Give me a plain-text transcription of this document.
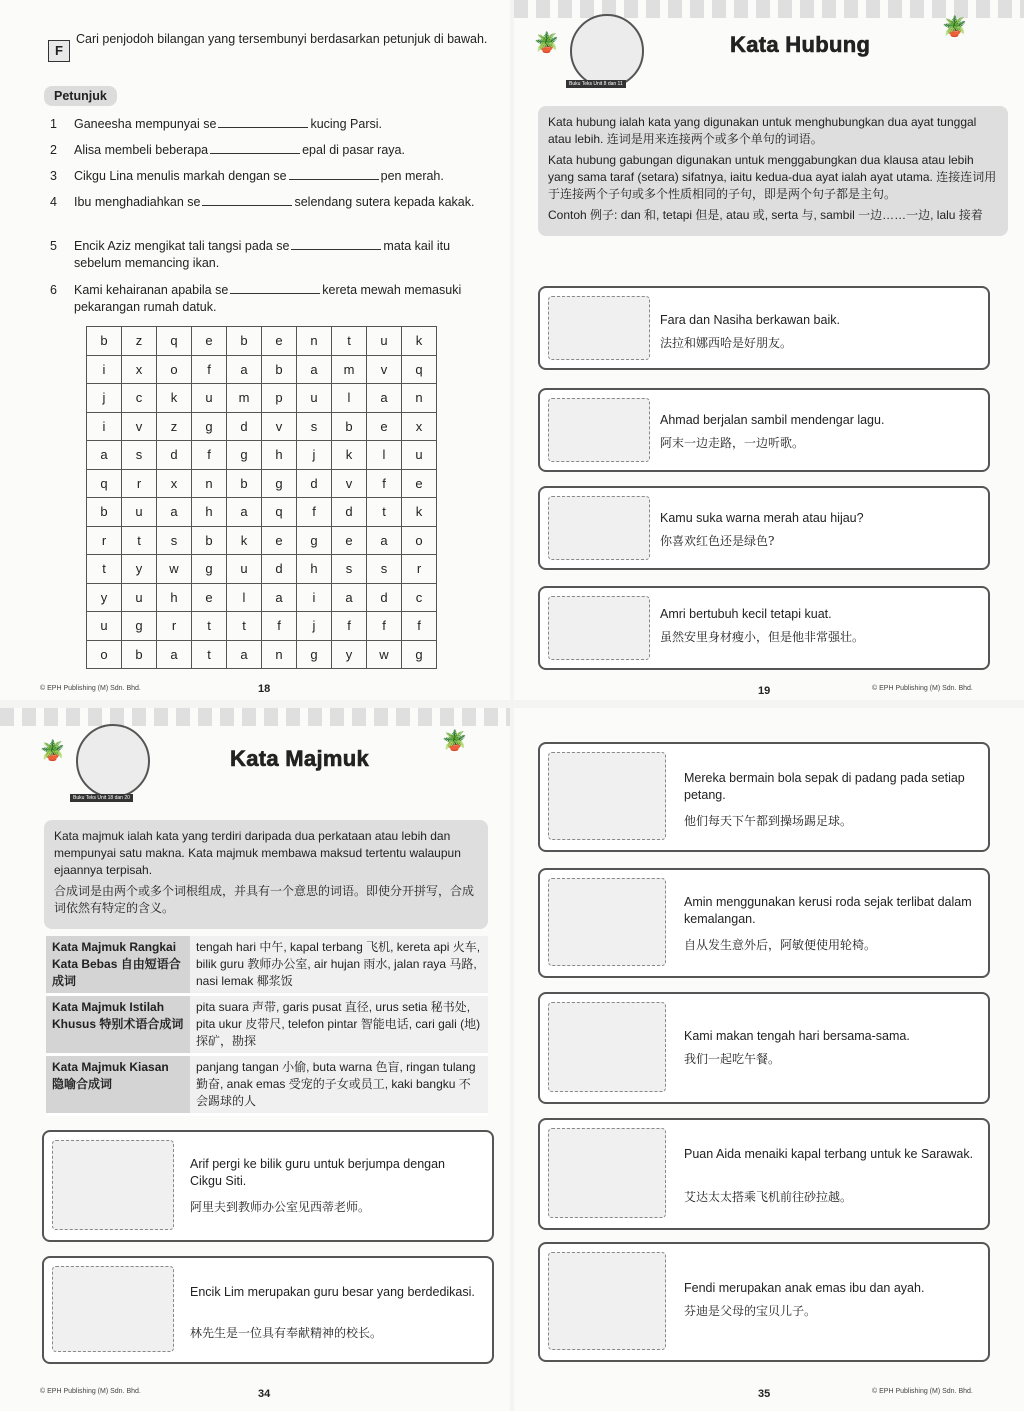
F
Cari penjodoh bilangan yang tersembunyi berdasarkan petunjuk di bawah.
Petunjuk
1 Ganeesha mempunyai se	kucing Parsi.
2 Alisa membeli beberapa	epal di pasar raya.
3 Cikgu Lina menulis markah dengan se	pen merah.
4 Ibu menghadiahkan se	selendang sutera kepada kakak.
5 Encik Aziz mengikat tali tangsi pada se	mata kail itu sebelum memancing ikan.
6 Kami kehairanan apabila se	kereta mewah memasuki pekarangan rumah datuk.
b	z	q	e	b	e	n	t	u	k
i	x	o	f	a	b	a	m	v	q
j	c	k	u	m	p	u	l	a	n
i	v	z	g	d	v	s	b	e	x
a	s	d	f	g	h	j	k	l	u
q	r	x	n	b	g	d	v	f	e
b	u	a	h	a	q	f	d	t	k
r	t	s	b	k	e	g	e	a	o
t	y	w	g	u	d	h	s	s	r
y	u	h	e	l	a	i	a	d	c
u	g	r	t	t	f	j	f	f	f
o	b	a	t	a	n	g	y	w	g
© EPH Publishing (M) Sdn. Bhd.	18
🪴
🪴
Buku Teks Unit 8 dan 11
Kata Hubung

Kata hubung ialah kata yang digunakan untuk menghubungkan dua ayat tunggal atau lebih. 连词是用来连接两个或多个单句的词语。

Kata hubung gabungan digunakan untuk menggabungkan dua klausa atau lebih yang sama taraf (setara) sifatnya, iaitu kedua-dua ayat ialah ayat utama. 连接连词用于连接两个子句或多个性质相同的子句，即是两个句子都是主句。

Contoh 例子: dan 和, tetapi 但是, atau 或, serta 与, sambil 一边……一边, lalu 接着

Fara dan Nasiha berkawan baik.
法拉和娜西哈是好朋友。
Ahmad berjalan sambil mendengar lagu.
阿末一边走路，一边听歌。
Kamu suka warna merah atau hijau?
你喜欢红色还是绿色?
Amri bertubuh kecil tetapi kuat.
虽然安里身材瘦小，但是他非常强壮。
19	© EPH Publishing (M) Sdn. Bhd.
🪴	🪴
Buku Teks Unit 18 dan 20
Kata Majmuk

Kata majmuk ialah kata yang terdiri daripada dua perkataan atau lebih dan mempunyai satu makna. Kata majmuk membawa maksud tertentu walaupun ejaannya terpisah.

合成词是由两个或多个词根组成，并具有一个意思的词语。即使分开拼写，合成词依然有特定的含义。

Kata Majmuk Rangkai Kata Bebas 自由短语合成词	tengah hari 中午, kapal terbang 飞机, kereta api 火车, bilik guru 教师办公室, air hujan 雨水, jalan raya 马路, nasi lemak 椰浆饭
Kata Majmuk Istilah Khusus 特别术语合成词	pita suara 声带, garis pusat 直径, urus setia 秘书处, pita ukur 皮带尺, telefon pintar 智能电话, cari gali (地) 探矿，勘探
Kata Majmuk Kiasan 隐喻合成词	panjang tangan 小偷, buta warna 色盲, ringan tulang 勤奋, anak emas 受宠的子女或员工, kaki bangku 不会踢球的人
Arif pergi ke bilik guru untuk berjumpa dengan Cikgu Siti.
阿里夫到教师办公室见西蒂老师。
Encik Lim merupakan guru besar yang berdedikasi.
林先生是一位具有奉献精神的校长。
© EPH Publishing (M) Sdn. Bhd.	34
Mereka bermain bola sepak di padang pada setiap petang.
他们每天下午都到操场踢足球。
Amin menggunakan kerusi roda sejak terlibat dalam kemalangan.
自从发生意外后，阿敏便使用轮椅。
Kami makan tengah hari bersama-sama.
我们一起吃午餐。
Puan Aida menaiki kapal terbang untuk ke Sarawak.
艾达太太搭乘飞机前往砂拉越。
Fendi merupakan anak emas ibu dan ayah.
芬迪是父母的宝贝儿子。
35	© EPH Publishing (M) Sdn. Bhd.
